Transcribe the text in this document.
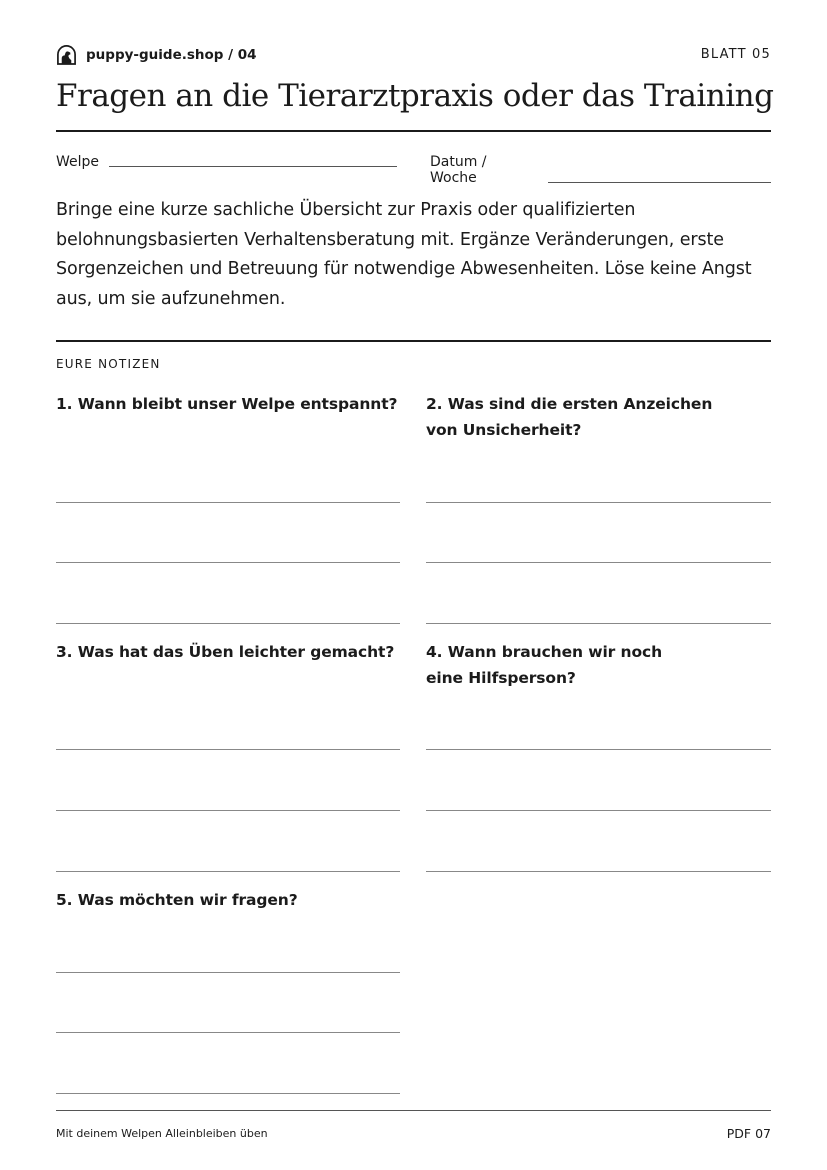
puppy-guide.shop / 04	BLATT 05
Fragen an die Tierarztpraxis oder das Training
Welpe	Datum / Woche

Bringe eine kurze sachliche Übersicht zur Praxis oder qualifizierten belohnungsbasierten Verhaltensberatung mit. Ergänze Veränderungen, erste Sorgenzeichen und Betreuung für notwendige Abwesenheiten. Löse keine Angst aus, um sie aufzunehmen.

EURE NOTIZEN
1. Wann bleibt unser Welpe entspannt? 2. Was sind die ersten Anzeichen von Unsicherheit?
3. Was hat das Üben leichter gemacht?	4. Wann brauchen wir noch eine Hilfsperson?
5. Was möchten wir fragen?
Mit deinem Welpen Alleinbleiben üben	PDF 07
